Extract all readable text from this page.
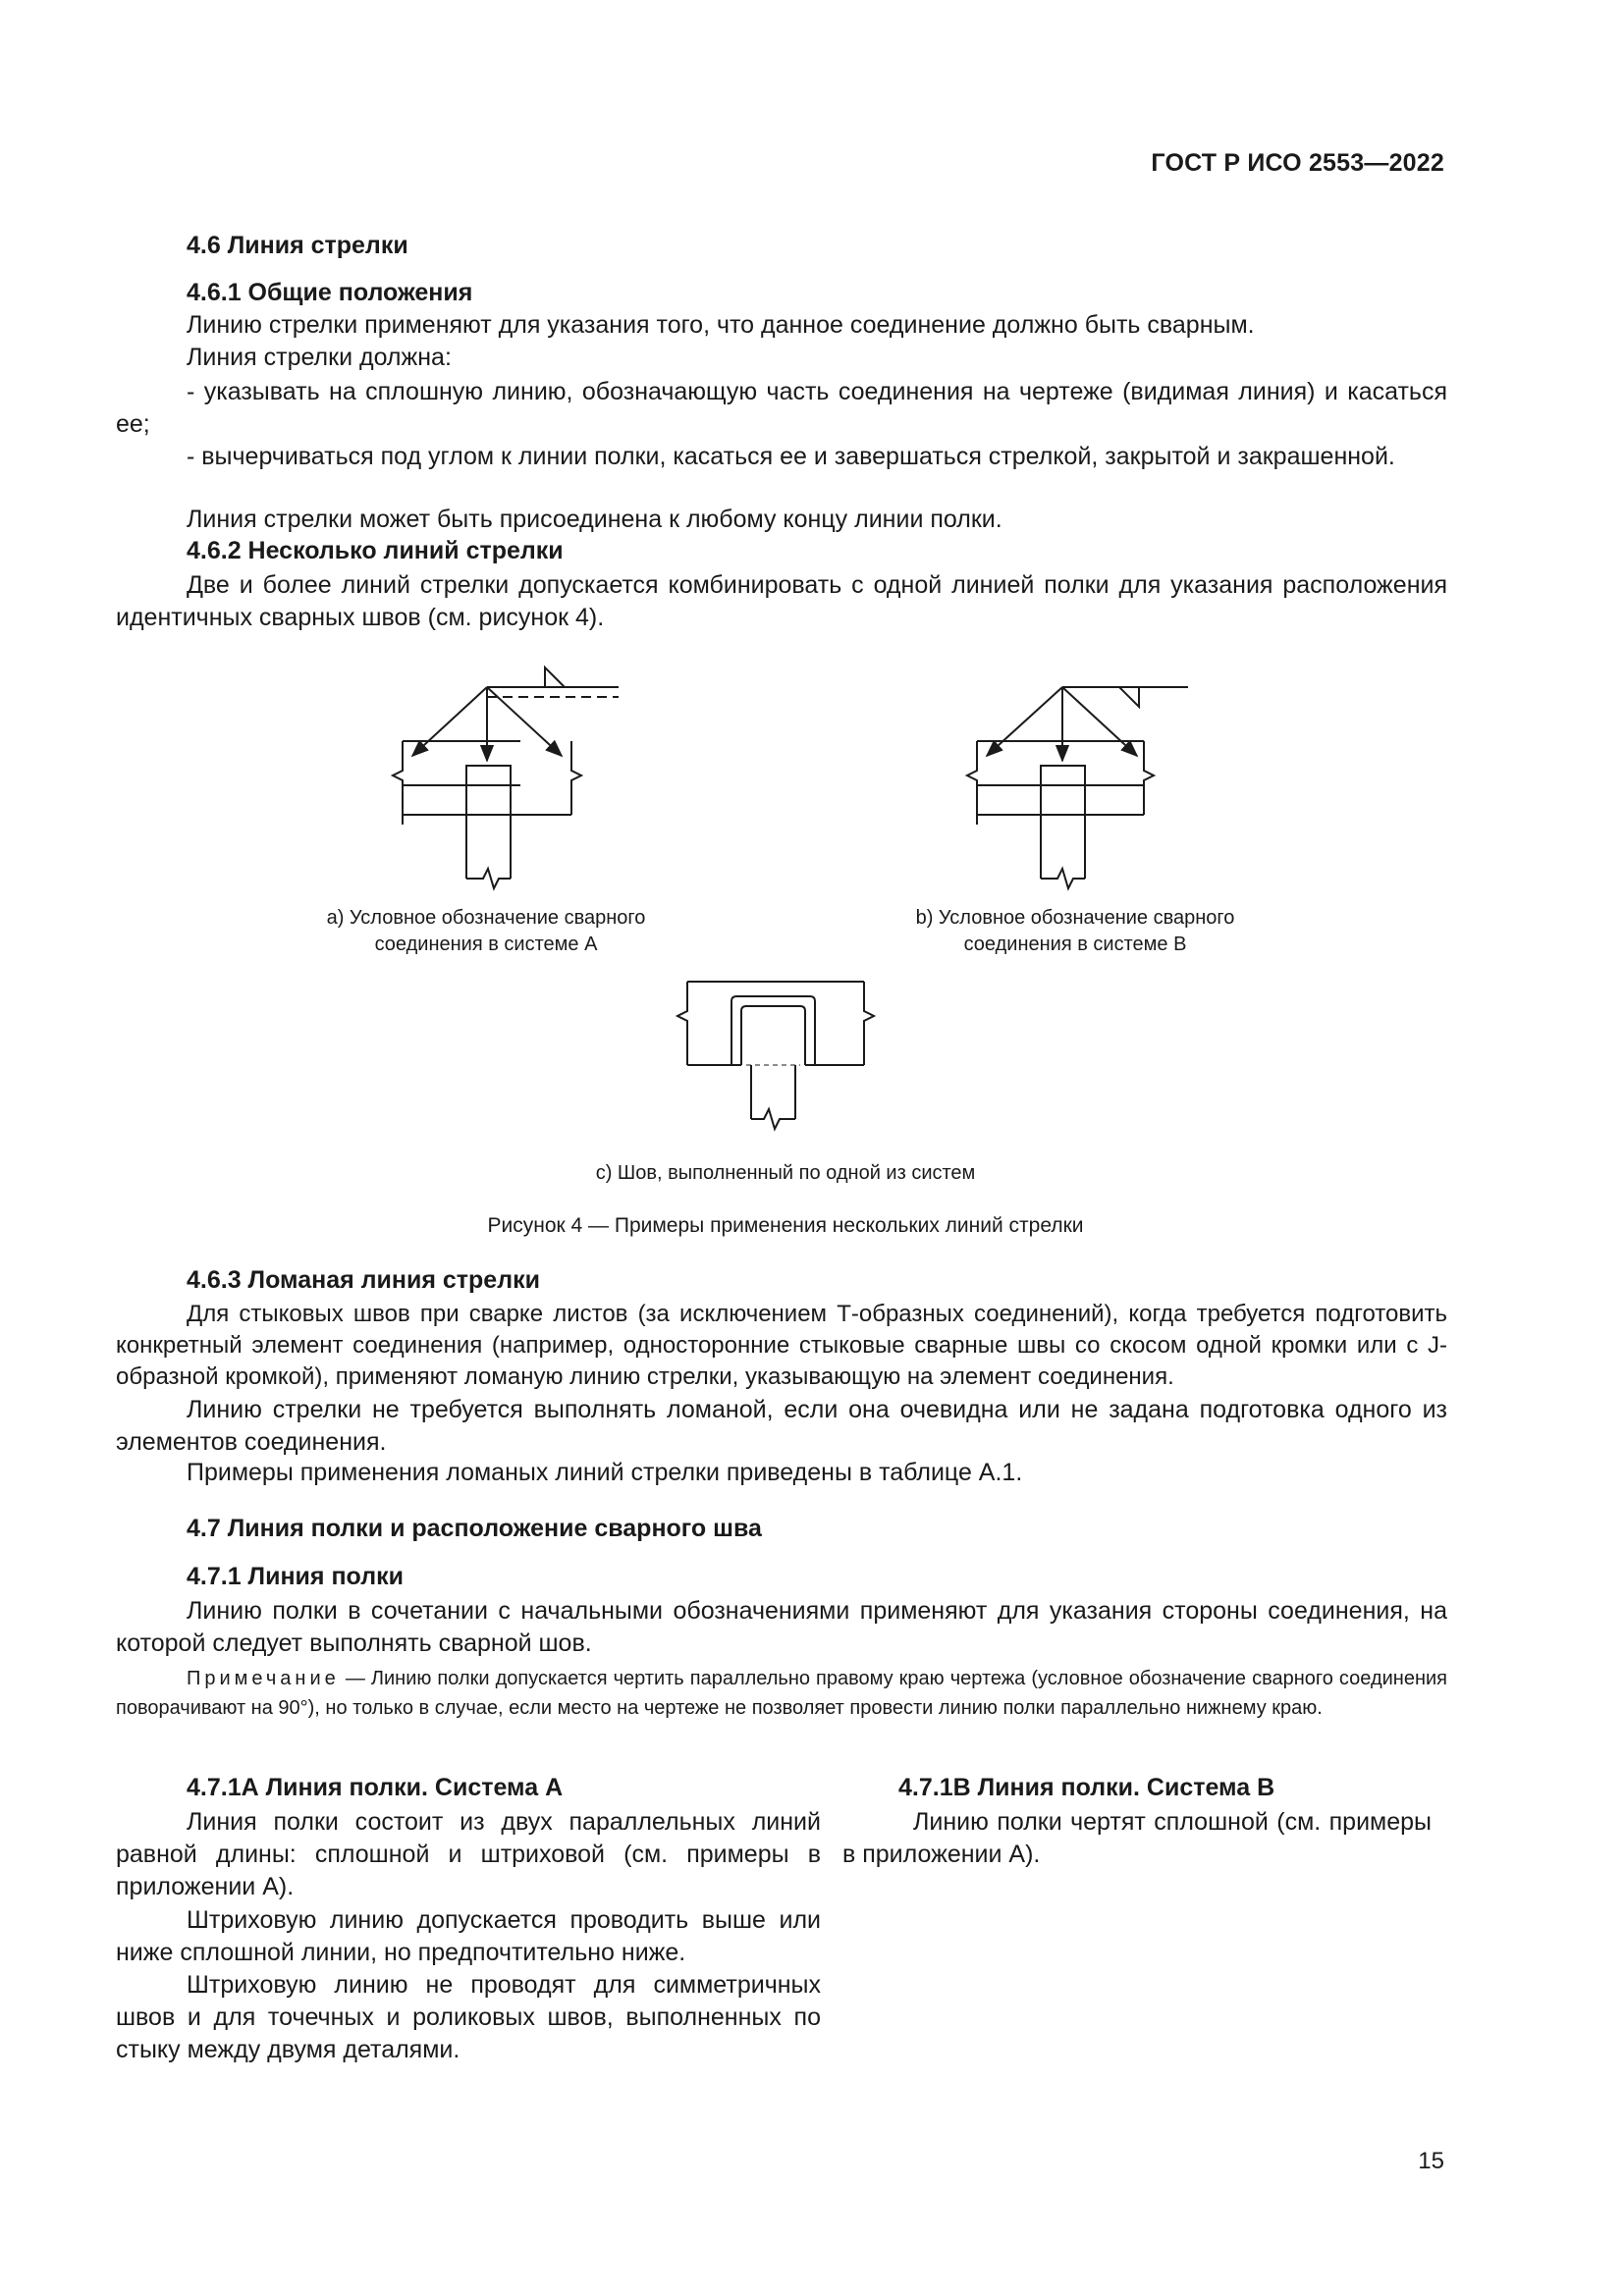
ГОСТ Р ИСО 2553—2022
4.6 Линия стрелки
4.6.1 Общие положения
Линию стрелки применяют для указания того, что данное соединение должно быть сварным.
Линия стрелки должна:
- указывать на сплошную линию, обозначающую часть соединения на чертеже (видимая линия) и касаться ее;
- вычерчиваться под углом к линии полки, касаться ее и завершаться стрелкой, закрытой и закрашенной.
Линия стрелки может быть присоединена к любому концу линии полки.
4.6.2 Несколько линий стрелки
Две и более линий стрелки допускается комбинировать с одной линией полки для указания расположения идентичных сварных швов (см. рисунок 4).
a) Условное обозначение сварного
соединения в системе А
b) Условное обозначение сварного
соединения в системе В
с) Шов, выполненный по одной из систем
Рисунок 4 — Примеры применения нескольких линий стрелки
4.6.3 Ломаная линия стрелки
Для стыковых швов при сварке листов (за исключением Т-образных соединений), когда требуется подготовить конкретный элемент соединения (например, односторонние стыковые сварные швы со скосом одной кромки или с J-образной кромкой), применяют ломаную линию стрелки, указывающую на элемент соединения.
Линию стрелки не требуется выполнять ломаной, если она очевидна или не задана подготовка одного из элементов соединения.
Примеры применения ломаных линий стрелки приведены в таблице А.1.
4.7 Линия полки и расположение сварного шва
4.7.1 Линия полки
Линию полки в сочетании с начальными обозначениями применяют для указания стороны соединения, на которой следует выполнять сварной шов.
Примечание — Линию полки допускается чертить параллельно правому краю чертежа (условное обозначение сварного соединения поворачивают на 90°), но только в случае, если место на чертеже не позволяет провести линию полки параллельно нижнему краю.
4.7.1А Линия полки. Система А
Линия полки состоит из двух параллельных линий равной длины: сплошной и штриховой (см. примеры в приложении А).
Штриховую линию допускается проводить выше или ниже сплошной линии, но предпочтительно ниже.
Штриховую линию не проводят для симметричных швов и для точечных и роликовых швов, выполненных по стыку между двумя деталями.
4.7.1В Линия полки. Система В
Линию полки чертят сплошной (см. примеры в приложении А).
15
